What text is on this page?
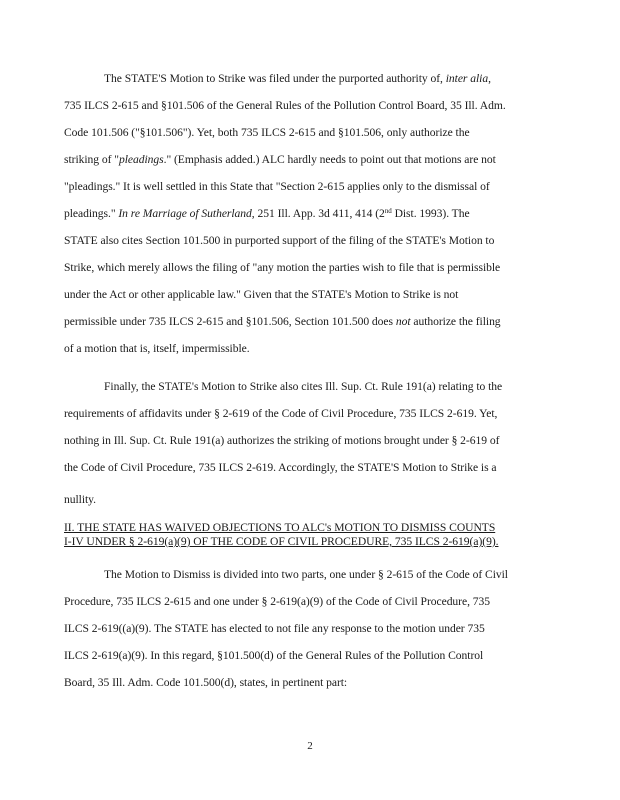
The STATE'S Motion to Strike was filed under the purported authority of, inter alia,
735 ILCS 2-615 and §101.506 of the General Rules of the Pollution Control Board, 35 Ill. Adm.
Code 101.506 ("§101.506"). Yet, both 735 ILCS 2-615 and §101.506, only authorize the
striking of "pleadings." (Emphasis added.) ALC hardly needs to point out that motions are not
"pleadings." It is well settled in this State that "Section 2-615 applies only to the dismissal of
pleadings." In re Marriage of Sutherland, 251 Ill. App. 3d 411, 414 (2nd Dist. 1993). The
STATE also cites Section 101.500 in purported support of the filing of the STATE's Motion to
Strike, which merely allows the filing of "any motion the parties wish to file that is permissible
under the Act or other applicable law." Given that the STATE's Motion to Strike is not
permissible under 735 ILCS 2-615 and §101.506, Section 101.500 does not authorize the filing
of a motion that is, itself, impermissible.
Finally, the STATE's Motion to Strike also cites Ill. Sup. Ct. Rule 191(a) relating to the
requirements of affidavits under § 2-619 of the Code of Civil Procedure, 735 ILCS 2-619. Yet,
nothing in Ill. Sup. Ct. Rule 191(a) authorizes the striking of motions brought under § 2-619 of
the Code of Civil Procedure, 735 ILCS 2-619. Accordingly, the STATE'S Motion to Strike is a
nullity.
II. THE STATE HAS WAIVED OBJECTIONS TO ALC's MOTION TO DISMISS COUNTS
I-IV UNDER § 2-619(a)(9) OF THE CODE OF CIVIL PROCEDURE, 735 ILCS 2-619(a)(9).
The Motion to Dismiss is divided into two parts, one under § 2-615 of the Code of Civil
Procedure, 735 ILCS 2-615 and one under § 2-619(a)(9) of the Code of Civil Procedure, 735
ILCS 2-619((a)(9). The STATE has elected to not file any response to the motion under 735
ILCS 2-619(a)(9). In this regard, §101.500(d) of the General Rules of the Pollution Control
Board, 35 Ill. Adm. Code 101.500(d), states, in pertinent part:
2
